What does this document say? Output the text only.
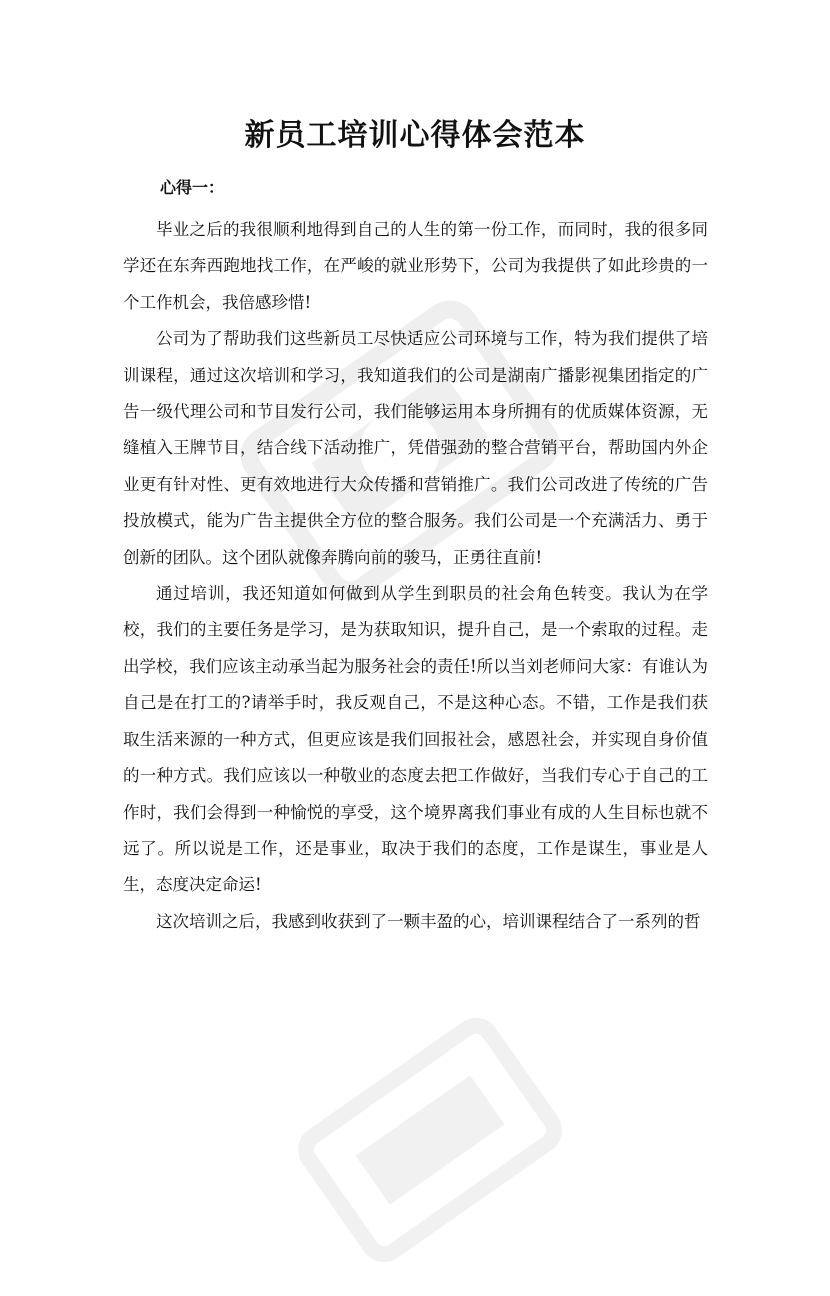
新员工培训心得体会范本
心得一：

毕业之后的我很顺利地得到自己的人生的第一份工作，而同时，我的很多同学还在东奔西跑地找工作，在严峻的就业形势下，公司为我提供了如此珍贵的一个工作机会，我倍感珍惜!

公司为了帮助我们这些新员工尽快适应公司环境与工作，特为我们提供了培训课程，通过这次培训和学习，我知道我们的公司是湖南广播影视集团指定的广告一级代理公司和节目发行公司，我们能够运用本身所拥有的优质媒体资源，无缝植入王牌节目，结合线下活动推广，凭借强劲的整合营销平台，帮助国内外企业更有针对性、更有效地进行大众传播和营销推广。我们公司改进了传统的广告投放模式，能为广告主提供全方位的整合服务。我们公司是一个充满活力、勇于创新的团队。这个团队就像奔腾向前的骏马，正勇往直前!

通过培训，我还知道如何做到从学生到职员的社会角色转变。我认为在学校，我们的主要任务是学习，是为获取知识，提升自己，是一个索取的过程。走出学校，我们应该主动承当起为服务社会的责任!所以当刘老师问大家：有谁认为自己是在打工的?请举手时，我反观自己，不是这种心态。不错，工作是我们获取生活来源的一种方式，但更应该是我们回报社会，感恩社会，并实现自身价值的一种方式。我们应该以一种敬业的态度去把工作做好，当我们专心于自己的工作时，我们会得到一种愉悦的享受，这个境界离我们事业有成的人生目标也就不远了。所以说是工作，还是事业，取决于我们的态度，工作是谋生，事业是人生，态度决定命运!

这次培训之后，我感到收获到了一颗丰盈的心，培训课程结合了一系列的哲
